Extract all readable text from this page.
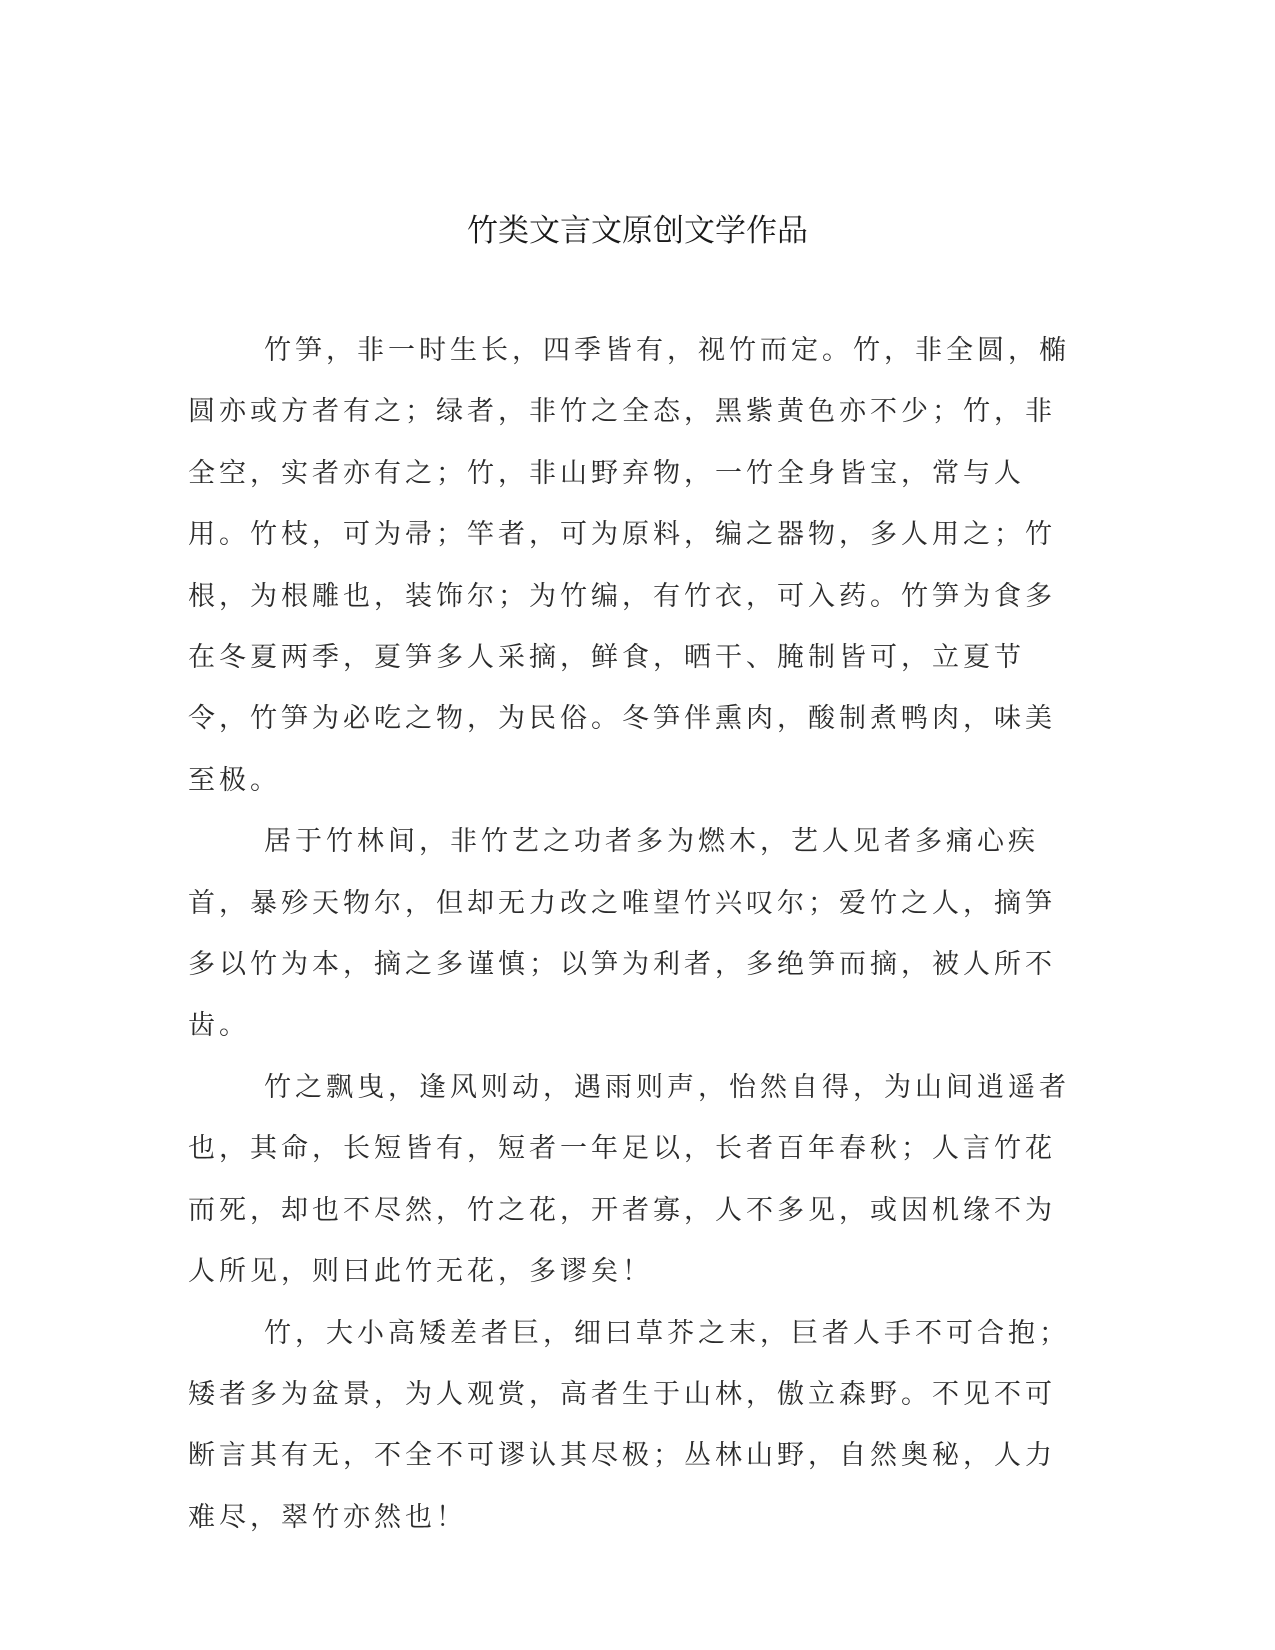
竹类文言文原创文学作品

竹笋，非一时生长，四季皆有，视竹而定。竹，非全圆，椭圆亦或方者有之；绿者，非竹之全态，黑紫黄色亦不少；竹，非全空，实者亦有之；竹，非山野弃物，一竹全身皆宝，常与人用。竹枝，可为帚；竿者，可为原料，编之器物，多人用之；竹根，为根雕也，装饰尔；为竹编，有竹衣，可入药。竹笋为食多在冬夏两季，夏笋多人采摘，鲜食，晒干、腌制皆可，立夏节令，竹笋为必吃之物，为民俗。冬笋伴熏肉，酸制煮鸭肉，味美至极。

居于竹林间，非竹艺之功者多为燃木，艺人见者多痛心疾首，暴殄天物尔，但却无力改之唯望竹兴叹尔；爱竹之人，摘笋多以竹为本，摘之多谨慎；以笋为利者，多绝笋而摘，被人所不齿。

竹之飘曳，逢风则动，遇雨则声，怡然自得，为山间逍遥者也，其命，长短皆有，短者一年足以，长者百年春秋；人言竹花而死，却也不尽然，竹之花，开者寡，人不多见，或因机缘不为人所见，则曰此竹无花，多谬矣！

竹，大小高矮差者巨，细曰草芥之末，巨者人手不可合抱；矮者多为盆景，为人观赏，高者生于山林，傲立森野。不见不可断言其有无，不全不可谬认其尽极；丛林山野，自然奥秘，人力难尽，翠竹亦然也！
